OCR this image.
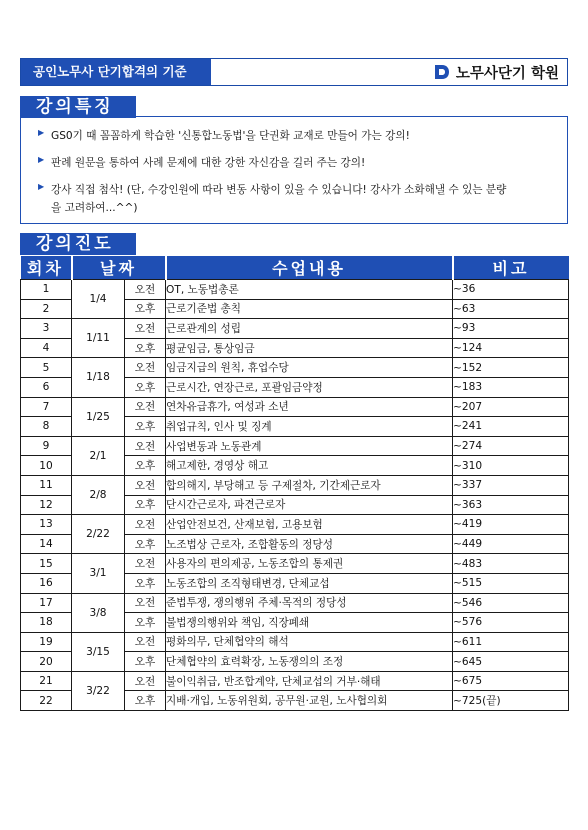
공인노무사 단기합격의 기준	노무사단기 학원
강의특징
▶ GS0기 때 꼼꼼하게 학습한 '신통합노동법'을 단권화 교재로 만들어 가는 강의!
▶ 판례 원문을 통하여 사례 문제에 대한 강한 자신감을 길러 주는 강의!
▶ 강사 직접 첨삭! (단, 수강인원에 따라 변동 사항이 있을 수 있습니다! 강사가 소화해낼 수 있는 분량
을 고려하여...^^)
강의진도
회차	날짜		수업내용	비고
1	1/4	오전	OT, 노동법총론	~36
2		오후	근로기준법 총칙	~63
3	1/11	오전	근로관계의 성립	~93
4		오후	평균임금, 통상임금	~124
5	1/18	오전	임금지급의 원칙, 휴업수당	~152
6		오후	근로시간, 연장근로, 포괄임금약정	~183
7	1/25	오전	연차유급휴가, 여성과 소년	~207
8		오후	취업규칙, 인사 및 징계	~241
9	2/1	오전	사업변동과 노동관계	~274
10		오후	해고제한, 경영상 해고	~310
11	2/8	오전	합의해지, 부당해고 등 구제절차, 기간제근로자	~337
12		오후	단시간근로자, 파견근로자	~363
13	2/22	오전	산업안전보건, 산재보험, 고용보험	~419
14		오후	노조법상 근로자, 조합활동의 정당성	~449
15	3/1	오전	사용자의 편의제공, 노동조합의 통제권	~483
16		오후	노동조합의 조직형태변경, 단체교섭	~515
17	3/8	오전	준법투쟁, 쟁의행위 주체·목적의 정당성	~546
18		오후	불법쟁의행위와 책임, 직장폐쇄	~576
19	3/15	오전	평화의무, 단체협약의 해석	~611
20		오후	단체협약의 효력확장, 노동쟁의의 조정	~645
21	3/22	오전	불이익취급, 반조합계약, 단체교섭의 거부·해태	~675
22		오후	지배·개입, 노동위원회, 공무원·교원, 노사협의회	~725(끝)
